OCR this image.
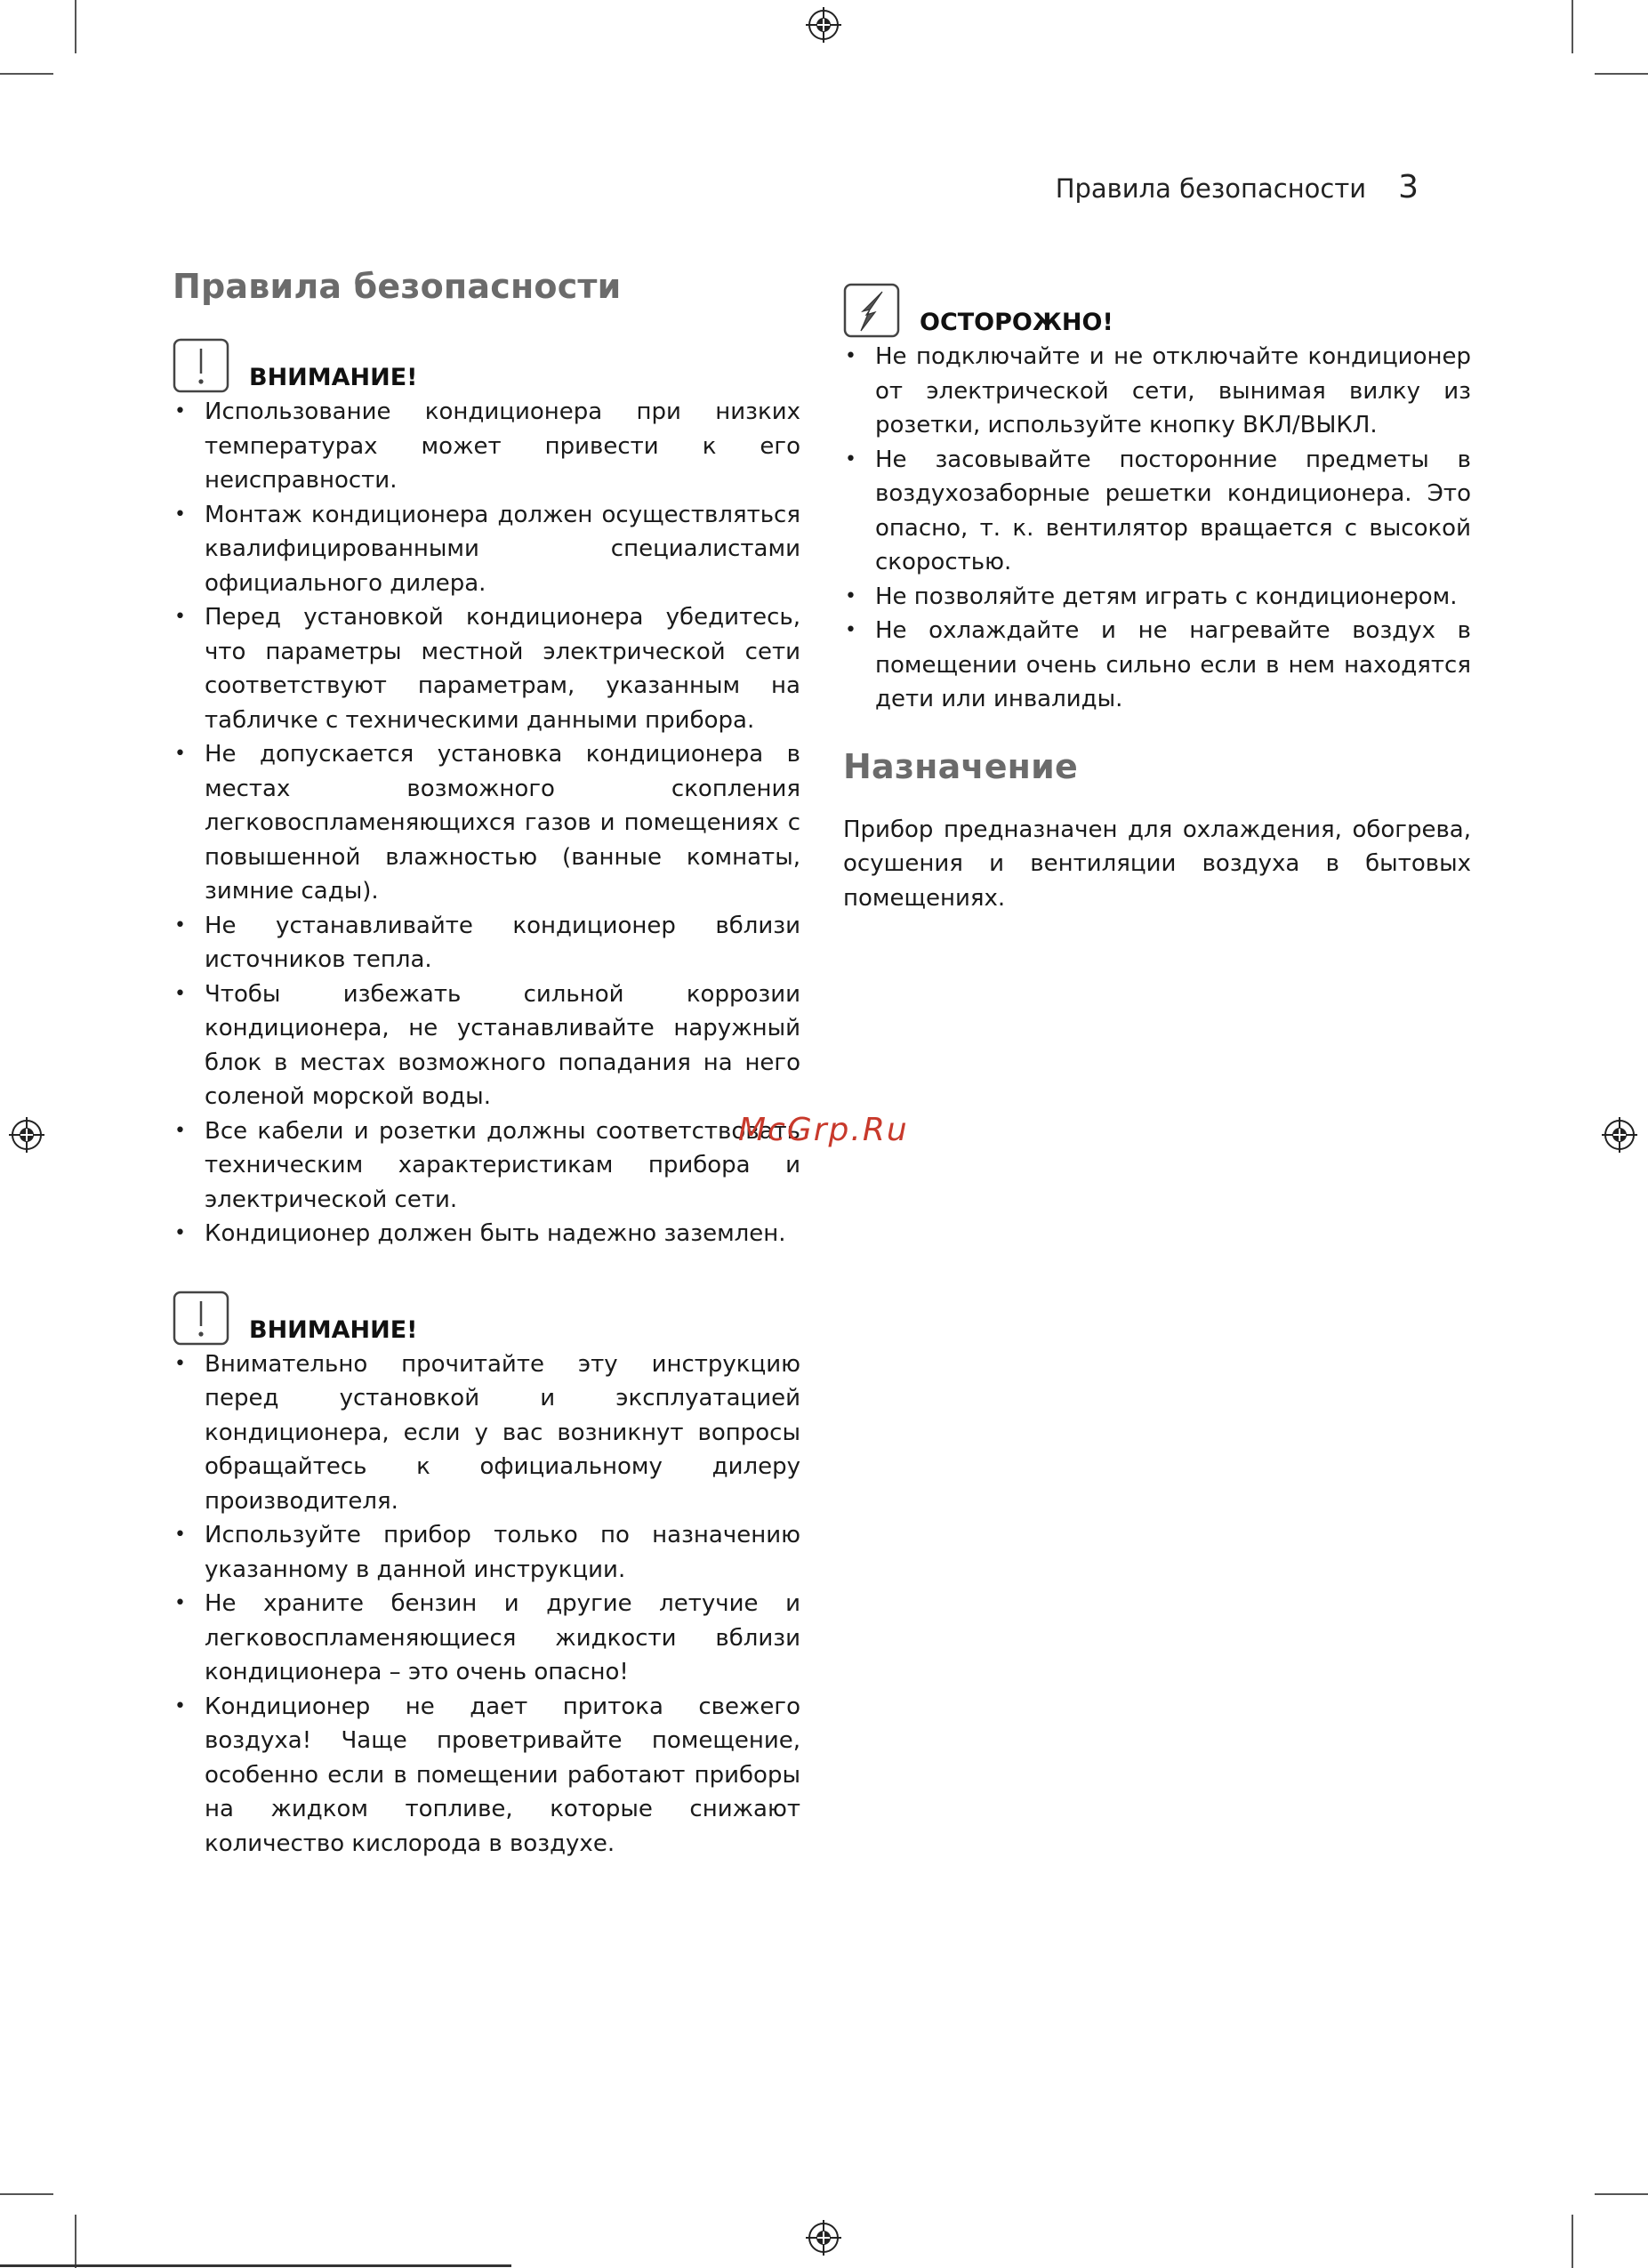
Правила безопасности 3
Правила безопасности
ВНИМАНИЕ!
• Использование кондиционера при низких температурах может привести к его неисправности.
• Монтаж кондиционера должен осуществляться квалифицированными специалистами официального дилера.
• Перед установкой кондиционера убедитесь, что параметры местной электрической сети соответствуют параметрам, указанным на табличке с техническими данными прибора.
• Не допускается установка кондиционера в местах возможного скопления легковоспламеняющихся газов и помещениях с повышенной влажностью (ванные комнаты, зимние сады).
• Не устанавливайте кондиционер вблизи источников тепла.
• Чтобы избежать сильной коррозии кондиционера, не устанавливайте наружный блок в местах возможного попадания на него соленой морской воды.
• Все кабели и розетки должны соответствовать техническим характеристикам прибора и электрической сети.
• Кондиционер должен быть надежно заземлен.
ВНИМАНИЕ!
• Внимательно прочитайте эту инструкцию перед установкой и эксплуатацией кондиционера, если у вас возникнут вопросы обращайтесь к официальному дилеру производителя.
• Используйте прибор только по назначению указанному в данной инструкции.
• Не храните бензин и другие летучие и легковоспламеняющиеся жидкости вблизи кондиционера – это очень опасно!
• Кондиционер не дает притока свежего воздуха! Чаще проветривайте помещение, особенно если в помещении работают приборы на жидком топливе, которые снижают количество кислорода в воздухе.
ОСТОРОЖНО!
• Не подключайте и не отключайте кондиционер от электрической сети, вынимая вилку из розетки, используйте кнопку ВКЛ/ВЫКЛ.
• Не засовывайте посторонние предметы в воздухозаборные решетки кондиционера. Это опасно, т. к. вентилятор вращается с высокой скоростью.
• Не позволяйте детям играть с кондиционером.
• Не охлаждайте и не нагревайте воздух в помещении очень сильно если в нем находятся дети или инвалиды.
Назначение

Прибор предназначен для охлаждения, обогрева, осушения и вентиляции воздуха в бытовых помещениях.

McGrp.Ru
